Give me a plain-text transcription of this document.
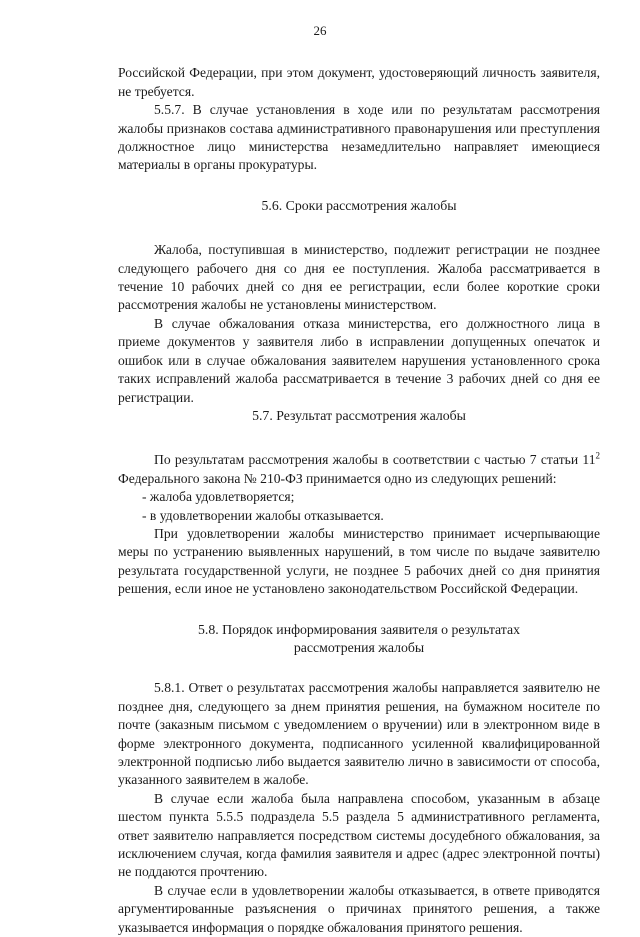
26

Российской Федерации, при этом документ, удостоверяющий личность заявителя, не требуется.

5.5.7. В случае установления в ходе или по результатам рассмотрения жалобы признаков состава административного правонарушения или преступления должностное лицо министерства незамедлительно направляет имеющиеся материалы в органы прокуратуры.

5.6. Сроки рассмотрения жалобы

Жалоба, поступившая в министерство, подлежит регистрации не позднее следующего рабочего дня со дня ее поступления. Жалоба рассматривается в течение 10 рабочих дней со дня ее регистрации, если более короткие сроки рассмотрения жалобы не установлены министерством.

В случае обжалования отказа министерства, его должностного лица в приеме документов у заявителя либо в исправлении допущенных опечаток и ошибок или в случае обжалования заявителем нарушения установленного срока таких исправлений жалоба рассматривается в течение 3 рабочих дней со дня ее регистрации.

5.7. Результат рассмотрения жалобы

По результатам рассмотрения жалобы в соответствии с частью 7 статьи $11^2$ Федерального закона № 210-ФЗ принимается одно из следующих решений:

- жалоба удовлетворяется;

- в удовлетворении жалобы отказывается.

При удовлетворении жалобы министерство принимает исчерпывающие меры по устранению выявленных нарушений, в том числе по выдаче заявителю результата государственной услуги, не позднее 5 рабочих дней со дня принятия решения, если иное не установлено законодательством Российской Федерации.

5.8. Порядок информирования заявителя о результатах
рассмотрения жалобы

5.8.1. Ответ о результатах рассмотрения жалобы направляется заявителю не позднее дня, следующего за днем принятия решения, на бумажном носителе по почте (заказным письмом с уведомлением о вручении) или в электронном виде в форме электронного документа, подписанного усиленной квалифицированной электронной подписью либо выдается заявителю лично в зависимости от способа, указанного заявителем в жалобе.

В случае если жалоба была направлена способом, указанным в абзаце шестом пункта 5.5.5 подраздела 5.5 раздела 5 административного регламента, ответ заявителю направляется посредством системы досудебного обжалования, за исключением случая, когда фамилия заявителя и адрес (адрес электронной почты) не поддаются прочтению.

В случае если в удовлетворении жалобы отказывается, в ответе приводятся аргументированные разъяснения о причинах принятого решения, а также указывается информация о порядке обжалования принятого решения.
